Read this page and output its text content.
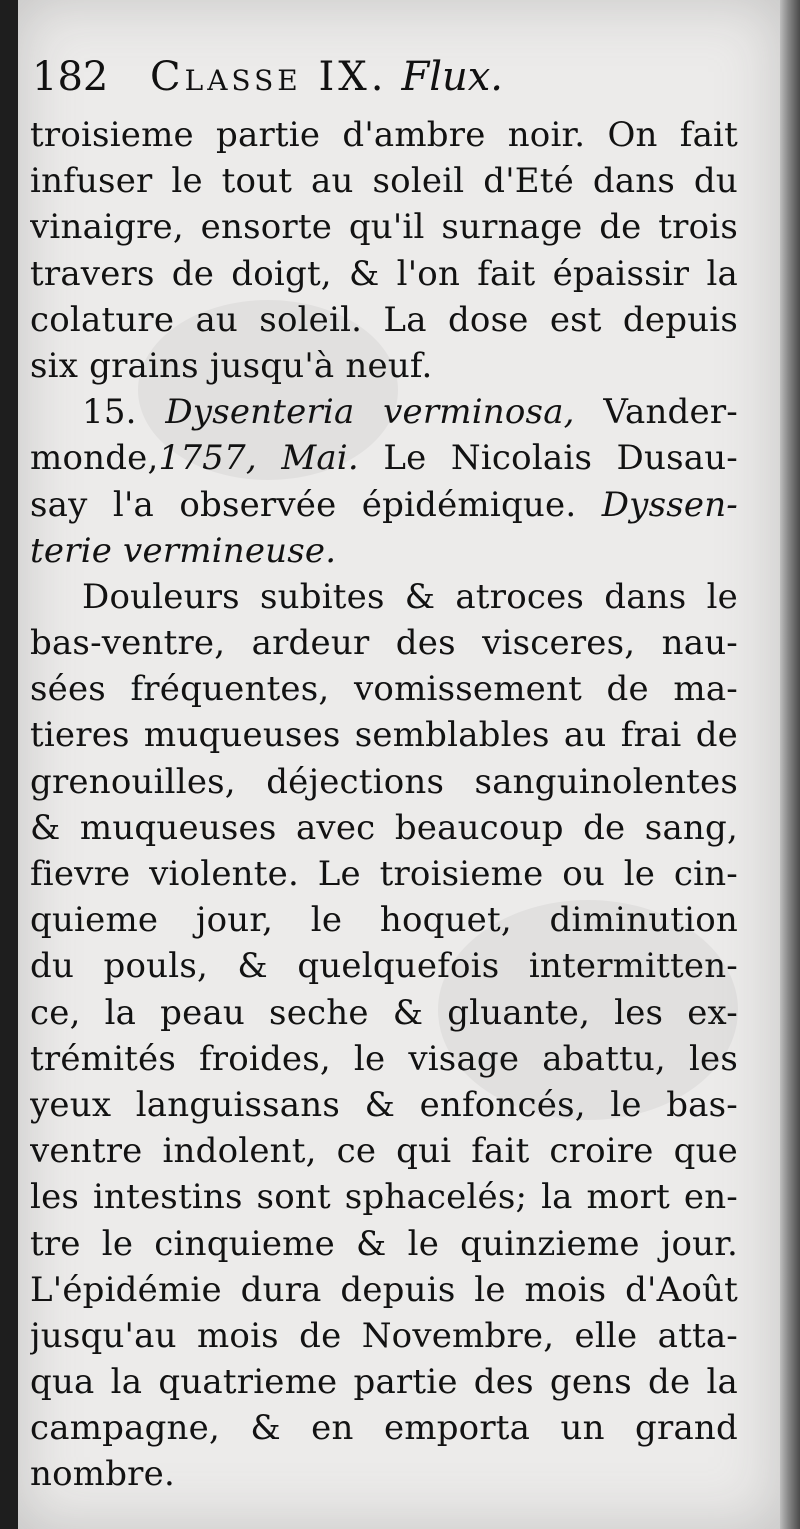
182 Classe IX. Flux.
troisieme partie d'ambre noir. On fait
infuser le tout au soleil d'Eté dans du
vinaigre, ensorte qu'il surnage de trois
travers de doigt, & l'on fait épaissir la
colature au soleil. La dose est depuis
six grains jusqu'à neuf.
15. Dysenteria verminosa, Vander-
monde,1757, Mai. Le Nicolais Dusau-
say l'a observée épidémique. Dyssen-
terie vermineuse.
Douleurs subites & atroces dans le
bas-ventre, ardeur des visceres, nau-
sées fréquentes, vomissement de ma-
tieres muqueuses semblables au frai de
grenouilles, déjections sanguinolentes
& muqueuses avec beaucoup de sang,
fievre violente. Le troisieme ou le cin-
quieme jour, le hoquet, diminution
du pouls, & quelquefois intermitten-
ce, la peau seche & gluante, les ex-
trémités froides, le visage abattu, les
yeux languissans & enfoncés, le bas-
ventre indolent, ce qui fait croire que
les intestins sont sphacelés; la mort en-
tre le cinquieme & le quinzieme jour.
L'épidémie dura depuis le mois d'Août
jusqu'au mois de Novembre, elle atta-
qua la quatrieme partie des gens de la
campagne, & en emporta un grand
nombre.
